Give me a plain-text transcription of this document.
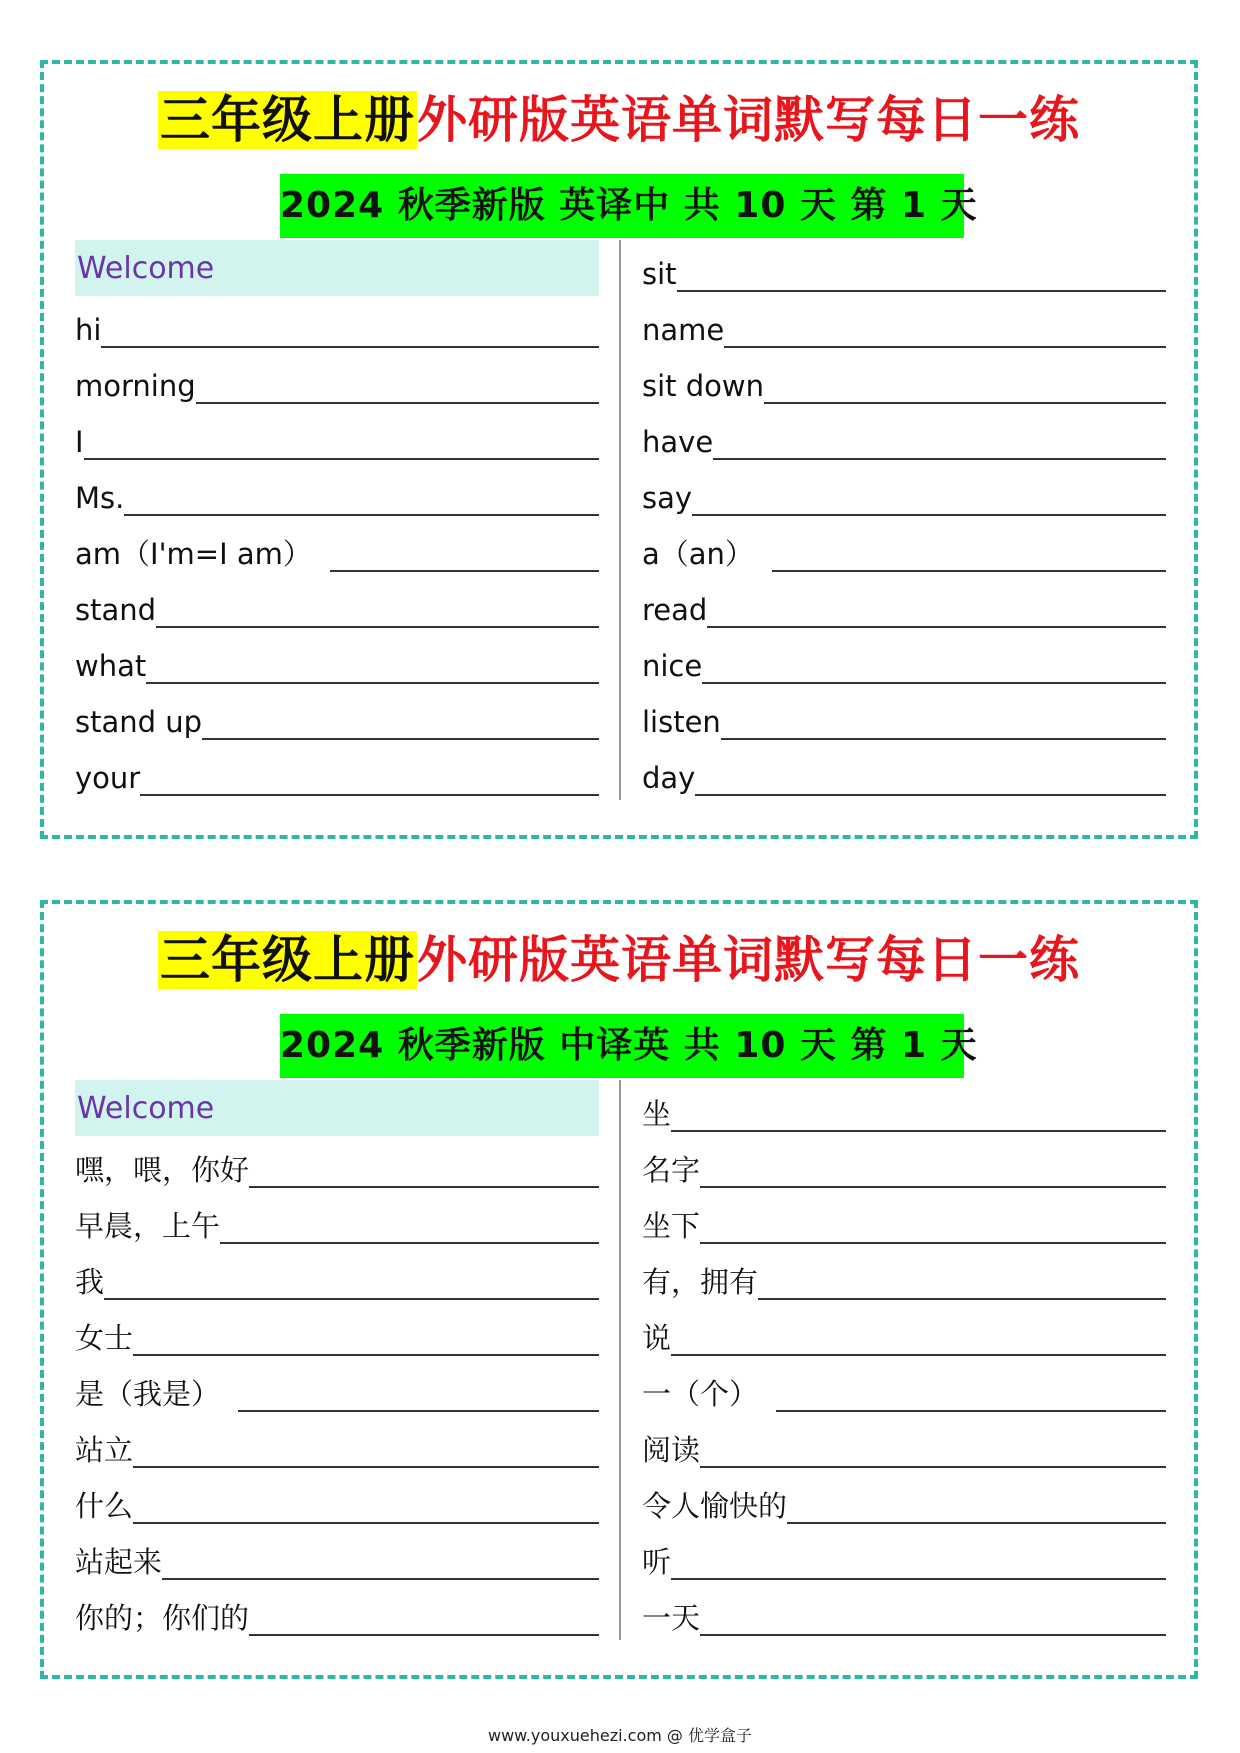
三年级上册外研版英语单词默写每日一练
2024 秋季新版 英译中 共 10 天 第 1 天
Welcome
hi
morning
I
Ms.
am（I'm=I am）
stand
what
stand up
your
sit
name
sit down
have
say
a（an）
read
nice
listen
day
三年级上册外研版英语单词默写每日一练
2024 秋季新版 中译英 共 10 天 第 1 天
Welcome
嘿，喂，你好
早晨，上午
我
女士
是（我是）
站立
什么
站起来
你的；你们的
坐
名字
坐下
有，拥有
说
一（个）
阅读
令人愉快的
听
一天
www.youxuehezi.com @ 优学盒子
